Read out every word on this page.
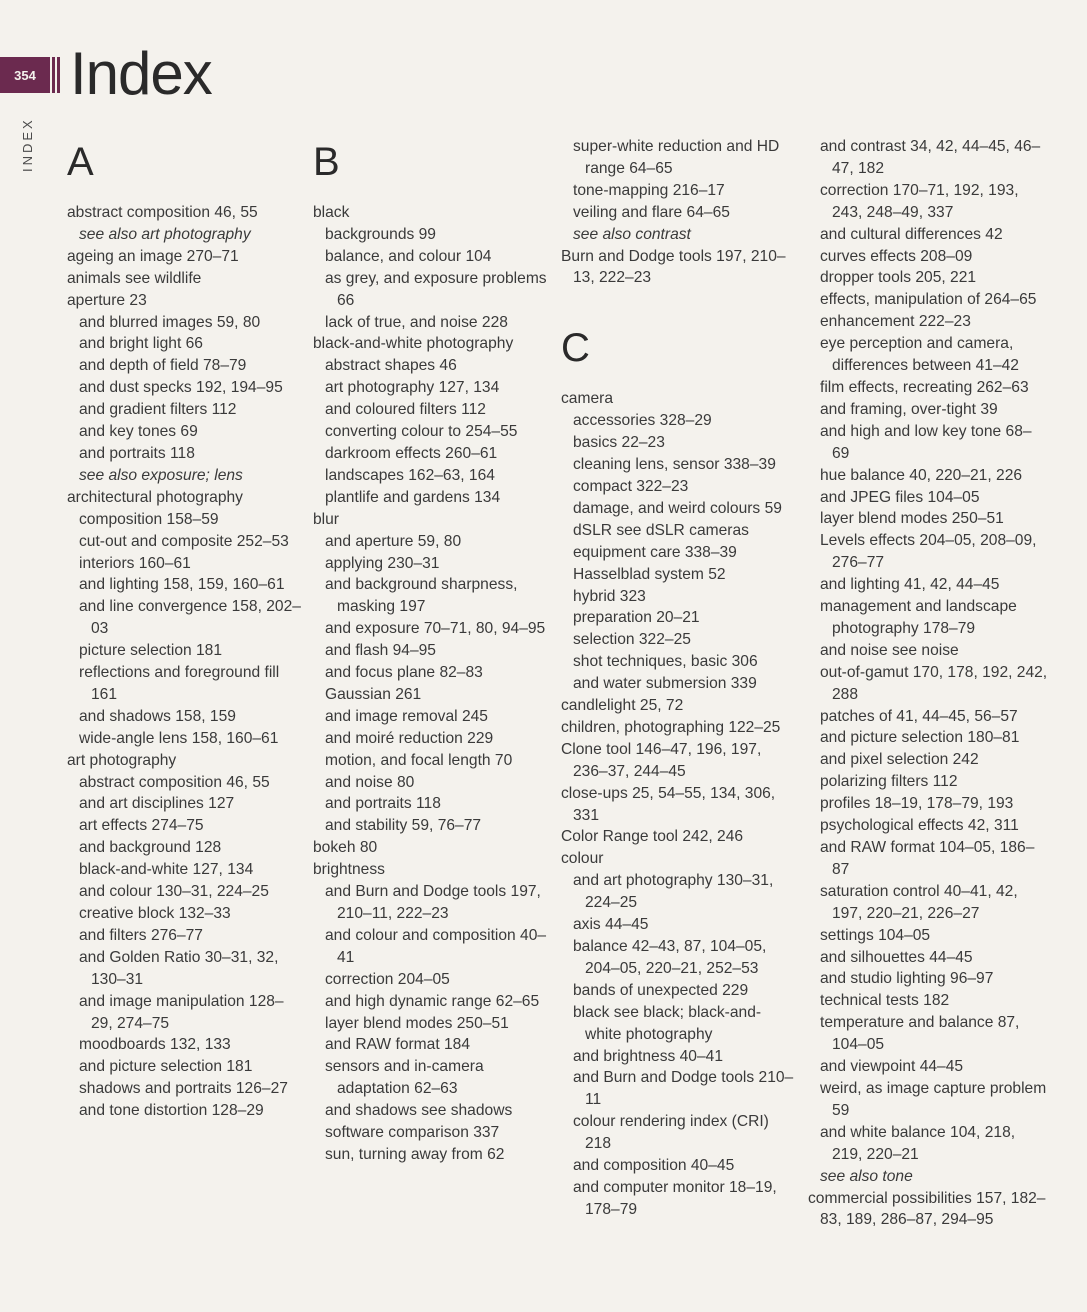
354 Index
INDEX A
abstract composition 46, 55
see also art photography
ageing an image 270–71
animals see wildlife
aperture 23
and blurred images 59, 80
and bright light 66
and depth of field 78–79
and dust specks 192, 194–95
and gradient filters 112
and key tones 69
and portraits 118
see also exposure; lens
architectural photography
composition 158–59
cut-out and composite 252–53
interiors 160–61
and lighting 158, 159, 160–61
and line convergence 158, 202–03
picture selection 181
reflections and foreground fill 161
and shadows 158, 159
wide-angle lens 158, 160–61
art photography
abstract composition 46, 55
and art disciplines 127
art effects 274–75
and background 128
black-and-white 127, 134
and colour 130–31, 224–25
creative block 132–33
and filters 276–77
and Golden Ratio 30–31, 32, 130–31
and image manipulation 128–29, 274–75
moodboards 132, 133
and picture selection 181
shadows and portraits 126–27
and tone distortion 128–29
B
black
backgrounds 99
balance, and colour 104
as grey, and exposure problems 66
lack of true, and noise 228
black-and-white photography
abstract shapes 46
art photography 127, 134
and coloured filters 112
converting colour to 254–55
darkroom effects 260–61
landscapes 162–63, 164
plantlife and gardens 134
blur
and aperture 59, 80
applying 230–31
and background sharpness, masking 197
and exposure 70–71, 80, 94–95
and flash 94–95
and focus plane 82–83
Gaussian 261
and image removal 245
and moiré reduction 229
motion, and focal length 70
and noise 80
and portraits 118
and stability 59, 76–77
bokeh 80
brightness
and Burn and Dodge tools 197, 210–11, 222–23
and colour and composition 40–41
correction 204–05
and high dynamic range 62–65
layer blend modes 250–51
and RAW format 184
sensors and in-camera adaptation 62–63
and shadows see shadows
software comparison 337
sun, turning away from 62
super-white reduction and HD range 64–65
tone-mapping 216–17
veiling and flare 64–65
see also contrast
Burn and Dodge tools 197, 210–13, 222–23
C
camera
accessories 328–29
basics 22–23
cleaning lens, sensor 338–39
compact 322–23
damage, and weird colours 59
dSLR see dSLR cameras
equipment care 338–39
Hasselblad system 52
hybrid 323
preparation 20–21
selection 322–25
shot techniques, basic 306
and water submersion 339
candlelight 25, 72
children, photographing 122–25
Clone tool 146–47, 196, 197, 236–37, 244–45
close-ups 25, 54–55, 134, 306, 331
Color Range tool 242, 246
colour
and art photography 130–31, 224–25
axis 44–45
balance 42–43, 87, 104–05, 204–05, 220–21, 252–53
bands of unexpected 229
black see black; black-and-white photography
and brightness 40–41
and Burn and Dodge tools 210–11
colour rendering index (CRI) 218
and composition 40–45
and computer monitor 18–19, 178–79
and contrast 34, 42, 44–45, 46–47, 182
correction 170–71, 192, 193, 243, 248–49, 337
and cultural differences 42
curves effects 208–09
dropper tools 205, 221
effects, manipulation of 264–65
enhancement 222–23
eye perception and camera, differences between 41–42
film effects, recreating 262–63
and framing, over-tight 39
and high and low key tone 68–69
hue balance 40, 220–21, 226
and JPEG files 104–05
layer blend modes 250–51
Levels effects 204–05, 208–09, 276–77
and lighting 41, 42, 44–45
management and landscape photography 178–79
and noise see noise
out-of-gamut 170, 178, 192, 242, 288
patches of 41, 44–45, 56–57
and picture selection 180–81
and pixel selection 242
polarizing filters 112
profiles 18–19, 178–79, 193
psychological effects 42, 311
and RAW format 104–05, 186–87
saturation control 40–41, 42, 197, 220–21, 226–27
settings 104–05
and silhouettes 44–45
and studio lighting 96–97
technical tests 182
temperature and balance 87, 104–05
and viewpoint 44–45
weird, as image capture problem 59
and white balance 104, 218, 219, 220–21
see also tone
commercial possibilities 157, 182–83, 189, 286–87, 294–95
